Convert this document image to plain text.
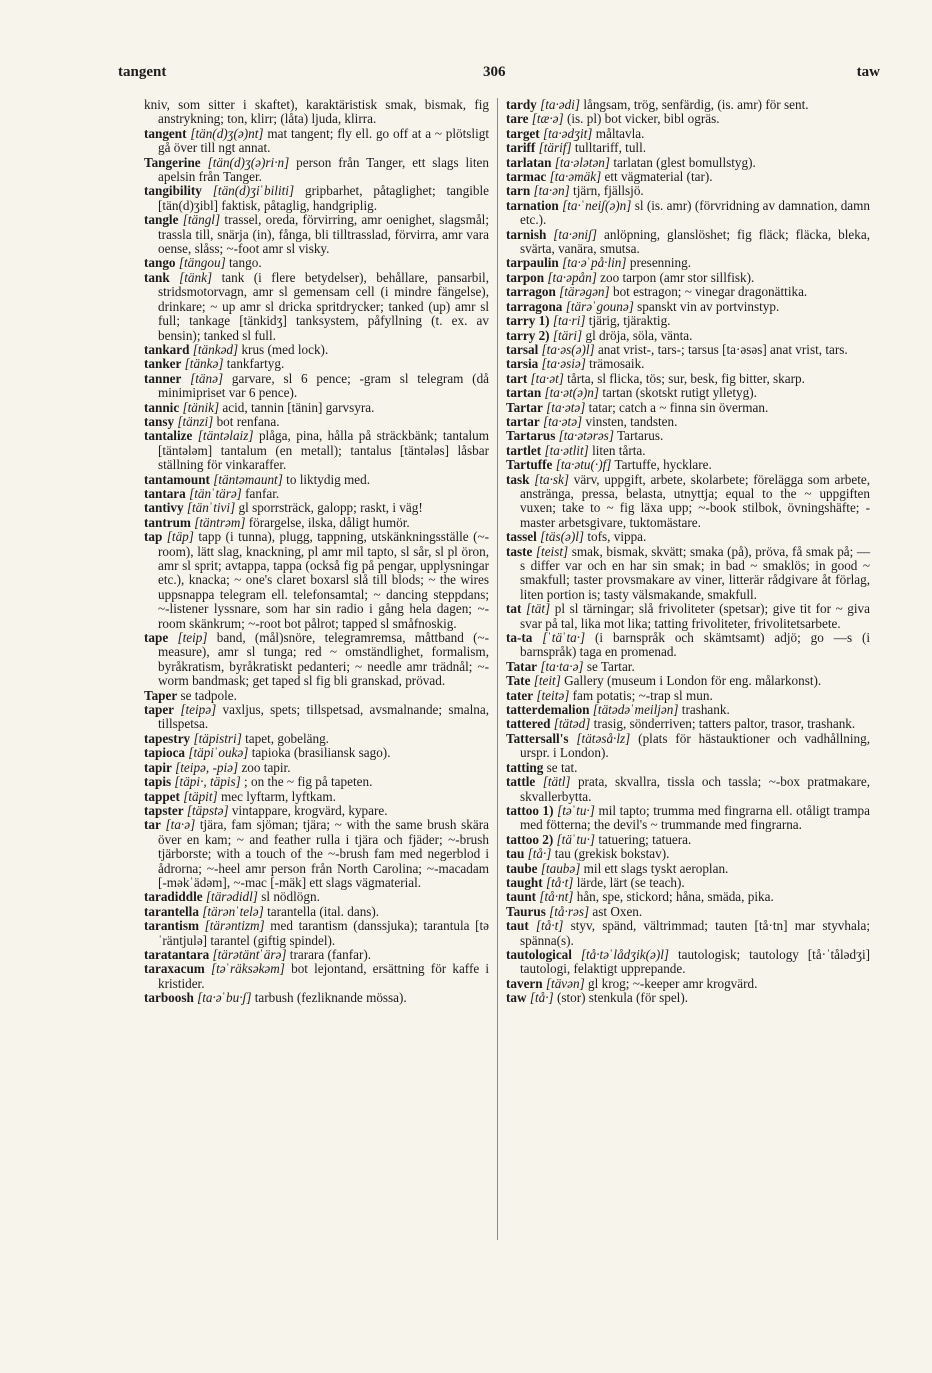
tangent	306	taw

kniv, som sitter i skaftet), karaktäristisk smak, bismak, fig anstrykning; ton, klirr; (låta) ljuda, klirra.

tangent [tän(d)ʒ(ə)nt] mat tangent; fly ell. go off at a ~ plötsligt gå över till ngt annat.

Tangerine [tän(d)ʒ(ə)ri·n] person från Tanger, ett slags liten apelsin från Tanger.

tangibility [tän(d)ʒiˈbiliti] gripbarhet, påtaglighet; tangible [tän(d)ʒibl] faktisk, påtaglig, handgriplig.

tangle [tängl] trassel, oreda, förvirring, amr oenighet, slagsmål; trassla till, snärja (in), fånga, bli tilltrasslad, förvirra, amr vara oense, slåss; ~-foot amr sl visky.

tango [tängou] tango.

tank [tänk] tank (i flere betydelser), behållare, pansarbil, stridsmotorvagn, amr sl gemensam cell (i mindre fängelse), drinkare; ~ up amr sl dricka spritdrycker; tanked (up) amr sl full; tankage [tänkidʒ] tanksystem, påfyllning (t. ex. av bensin); tanked sl full.

tankard [tänkəd] krus (med lock).

tanker [tänkə] tankfartyg.

tanner [tänə] garvare, sl 6 pence; -gram sl telegram (då minimipriset var 6 pence).

tannic [tänik] acid, tannin [tänin] garvsyra.

tansy [tänzi] bot renfana.

tantalize [täntəlaiz] plåga, pina, hålla på sträckbänk; tantalum [täntələm] tantalum (en metall); tantalus [täntələs] låsbar ställning för vinkaraffer.

tantamount [täntəmaunt] to liktydig med.

tantara [tänˈtärə] fanfar.

tantivy [tänˈtivi] gl sporrsträck, galopp; raskt, i väg!

tantrum [täntrəm] förargelse, ilska, dåligt humör.

tap [täp] tapp (i tunna), plugg, tappning, utskänkningsställe (~-room), lätt slag, knackning, pl amr mil tapto, sl sår, sl pl öron, amr sl sprit; avtappa, tappa (också fig på pengar, upplysningar etc.), knacka; ~ one's claret boxarsl slå till blods; ~ the wires uppsnappa telegram ell. telefonsamtal; ~ dancing steppdans; ~-listener lyssnare, som har sin radio i gång hela dagen; ~-room skänkrum; ~-root bot pålrot; tapped sl småfnoskig.

tape [teip] band, (mål)snöre, telegramremsa, måttband (~-measure), amr sl tunga; red ~ omständlighet, formalism, byråkratism, byråkratiskt pedanteri; ~ needle amr trädnål; ~-worm bandmask; get taped sl fig bli granskad, prövad.

Taper se tadpole.

taper [teipə] vaxljus, spets; tillspetsad, avsmalnande; smalna, tillspetsa.

tapestry [täpistri] tapet, gobeläng.

tapioca [täpiˈoukə] tapioka (brasiliansk sago).

tapir [teipə, -piə] zoo tapir.

tapis [täpi·, täpis] ; on the ~ fig på tapeten.

tappet [täpit] mec lyftarm, lyftkam.

tapster [täpstə] vintappare, krogvärd, kypare.

tar [ta·ə] tjära, fam sjöman; tjära; ~ with the same brush skära över en kam; ~ and feather rulla i tjära och fjäder; ~-brush tjärborste; with a touch of the ~-brush fam med negerblod i ådrorna; ~-heel amr person från North Carolina; ~-macadam [-məkˈädəm], ~-mac [-mäk] ett slags vägmaterial.

taradiddle [tärədidl] sl nödlögn.

tarantella [tärənˈtelə] tarantella (ital. dans).

tarantism [tärəntizm] med tarantism (danssjuka); tarantula [təˈräntjulə] tarantel (giftig spindel).

taratantara [tärətäntˈärə] trarara (fanfar).

taraxacum [təˈräksəkəm] bot lejontand, ersättning för kaffe i kristider.

tarboosh [ta·əˈbu·ʃ] tarbush (fezliknande mössa).

tardy [ta·ədi] långsam, trög, senfärdig, (is. amr) för sent.

tare [tæ·ə] (is. pl) bot vicker, bibl ogräs.

target [ta·ədʒit] måltavla.

tariff [tärif] tulltariff, tull.

tarlatan [ta·ələtən] tarlatan (glest bomullstyg).

tarmac [ta·əmäk] ett vägmaterial (tar).

tarn [ta·ən] tjärn, fjällsjö.

tarnation [ta·ˈneiʃ(ə)n] sl (is. amr) (förvridning av damnation, damn etc.).

tarnish [ta·əniʃ] anlöpning, glanslöshet; fig fläck; fläcka, bleka, svärta, vanära, smutsa.

tarpaulin [ta·əˈpå·lin] presenning.

tarpon [ta·əpån] zoo tarpon (amr stor sillfisk).

tarragon [tärəgən] bot estragon; ~ vinegar dragonättika.

tarragona [tärəˈgounə] spanskt vin av portvinstyp.

tarry 1) [ta·ri] tjärig, tjäraktig.

tarry 2) [täri] gl dröja, söla, vänta.

tarsal [ta·əs(ə)l] anat vrist-, tars-; tarsus [ta·əsəs] anat vrist, tars.

tarsia [ta·əsiə] trämosaik.

tart [ta·ət] tårta, sl flicka, tös; sur, besk, fig bitter, skarp.

tartan [ta·ət(ə)n] tartan (skotskt rutigt ylletyg).

Tartar [ta·ətə] tatar; catch a ~ finna sin överman.

tartar [ta·ətə] vinsten, tandsten.

Tartarus [ta·ətərəs] Tartarus.

tartlet [ta·ətlit] liten tårta.

Tartuffe [ta·ətu(·)f] Tartuffe, hycklare.

task [ta·sk] värv, uppgift, arbete, skolarbete; förelägga som arbete, anstränga, pressa, belasta, utnyttja; equal to the ~ uppgiften vuxen; take to ~ fig läxa upp; ~-book stilbok, övningshäfte; -master arbetsgivare, tuktomästare.

tassel [täs(ə)l] tofs, vippa.

taste [teist] smak, bismak, skvätt; smaka (på), pröva, få smak på; —s differ var och en har sin smak; in bad ~ smaklös; in good ~ smakfull; taster provsmakare av viner, litterär rådgivare åt förlag, liten portion is; tasty välsmakande, smakfull.

tat [tät] pl sl tärningar; slå frivoliteter (spetsar); give tit for ~ giva svar på tal, lika mot lika; tatting frivoliteter, frivolitetsarbete.

ta-ta [ˈtäˈta·] (i barnspråk och skämtsamt) adjö; go —s (i barnspråk) taga en promenad.

Tatar [ta·ta·ə] se Tartar.

Tate [teit] Gallery (museum i London för eng. målarkonst).

tater [teitə] fam potatis; ~-trap sl mun.

tatterdemalion [tätədəˈmeiljən] trashank.

tattered [tätəd] trasig, sönderriven; tatters paltor, trasor, trashank.

Tattersall's [tätəså·lz] (plats för hästauktioner och vadhållning, urspr. i London).

tatting se tat.

tattle [tätl] prata, skvallra, tissla och tassla; ~-box pratmakare, skvallerbytta.

tattoo 1) [təˈtu·] mil tapto; trumma med fingrarna ell. otåligt trampa med fötterna; the devil's ~ trummande med fingrarna.

tattoo 2) [täˈtu·] tatuering; tatuera.

tau [tå·] tau (grekisk bokstav).

taube [taubə] mil ett slags tyskt aeroplan.

taught [tå·t] lärde, lärt (se teach).

taunt [tå·nt] hån, spe, stickord; håna, smäda, pika.

Taurus [tå·rəs] ast Oxen.

taut [tå·t] styv, spänd, vältrimmad; tauten [tå·tn] mar styvhala; spänna(s).

tautological [tå·təˈlådʒik(ə)l] tautologisk; tautology [tå·ˈtålədʒi] tautologi, felaktigt upprepande.

tavern [tävən] gl krog; ~-keeper amr krogvärd.

taw [tå·] (stor) stenkula (för spel).
